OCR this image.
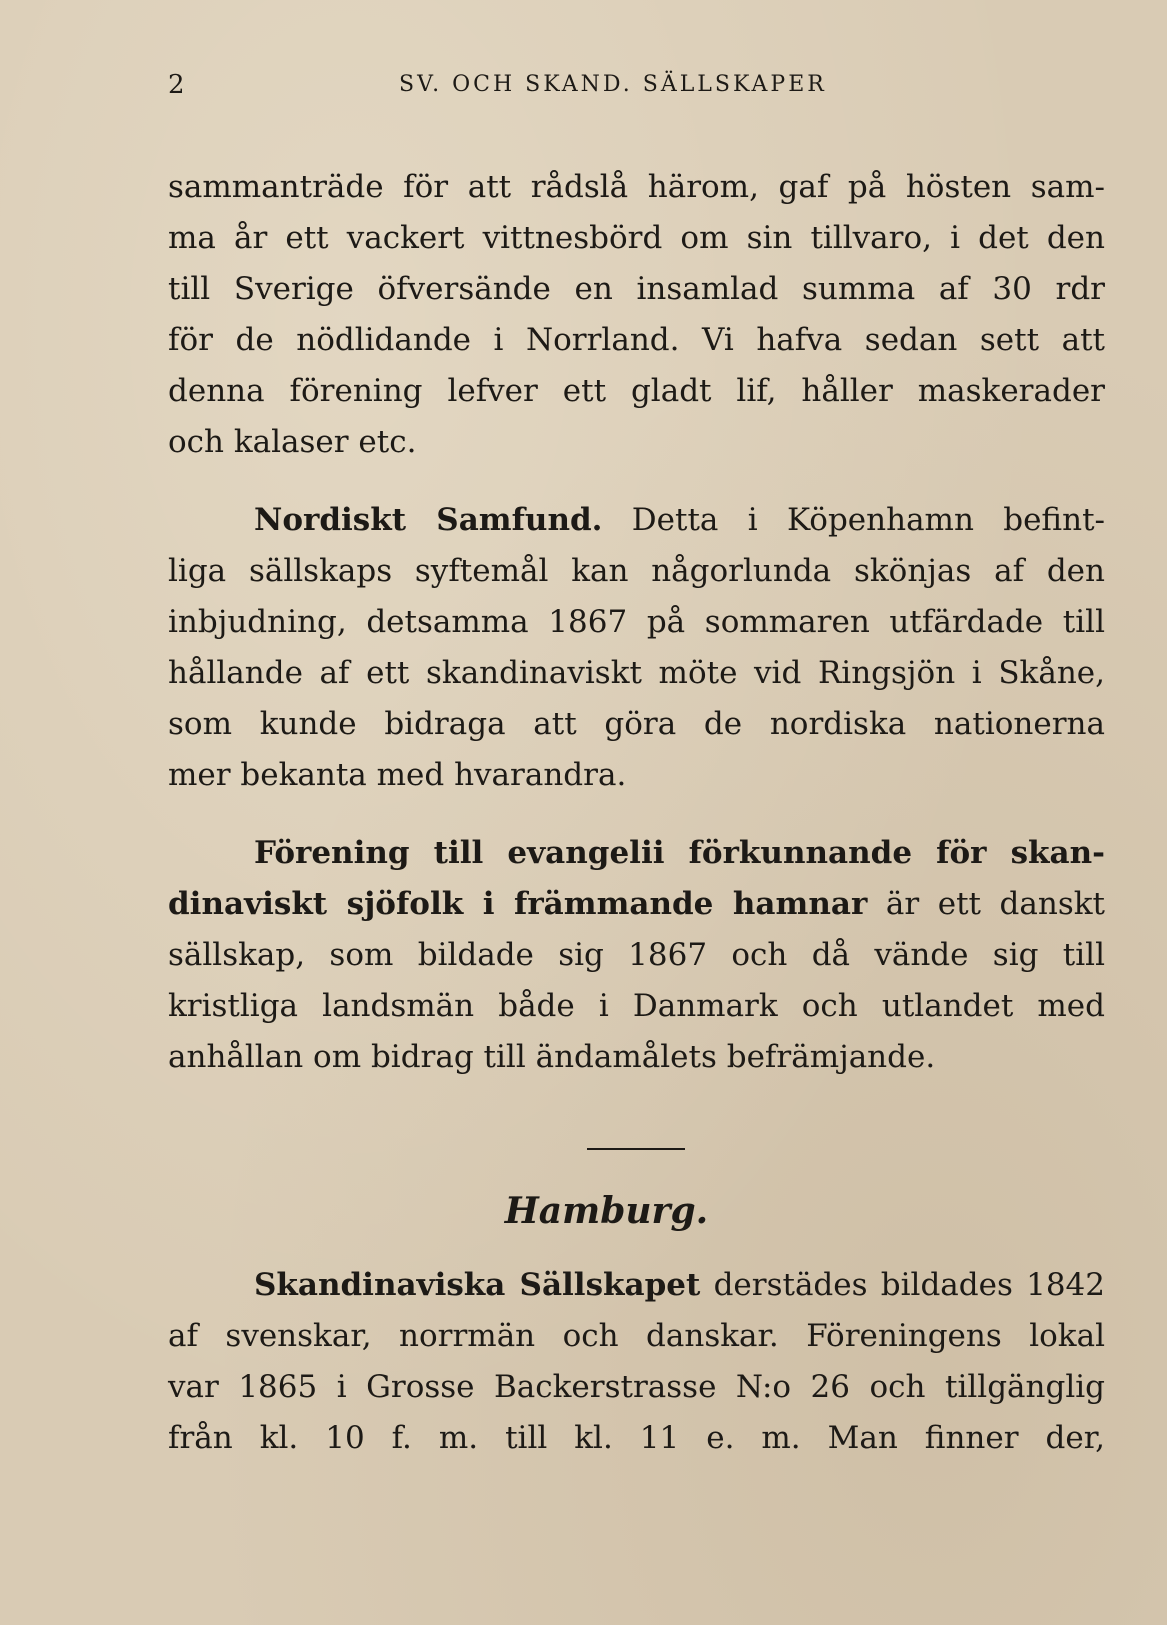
2	SV. OCH SKAND. SÄLLSKAPER

sammanträde för att rådslå härom, gaf på hösten sam-
ma år ett vackert vittnesbörd om sin tillvaro, i det den
till Sverige öfversände en insamlad summa af 30 rdr
för de nödlidande i Norrland. Vi hafva sedan sett att
denna förening lefver ett gladt lif, håller maskerader
och kalaser etc.

Nordiskt Samfund. Detta i Köpenhamn befint-
liga sällskaps syftemål kan någorlunda skönjas af den
inbjudning, detsamma 1867 på sommaren utfärdade till
hållande af ett skandinaviskt möte vid Ringsjön i Skåne,
som kunde bidraga att göra de nordiska nationerna
mer bekanta med hvarandra.

Förening till evangelii förkunnande för skan-
dinaviskt sjöfolk i främmande hamnar är ett danskt
sällskap, som bildade sig 1867 och då vände sig till
kristliga landsmän både i Danmark och utlandet med
anhållan om bidrag till ändamålets befrämjande.

Hamburg.

Skandinaviska Sällskapet derstädes bildades 1842
af svenskar, norrmän och danskar. Föreningens lokal
var 1865 i Grosse Backerstrasse N:o 26 och tillgänglig
från kl. 10 f. m. till kl. 11 e. m. Man finner der,
